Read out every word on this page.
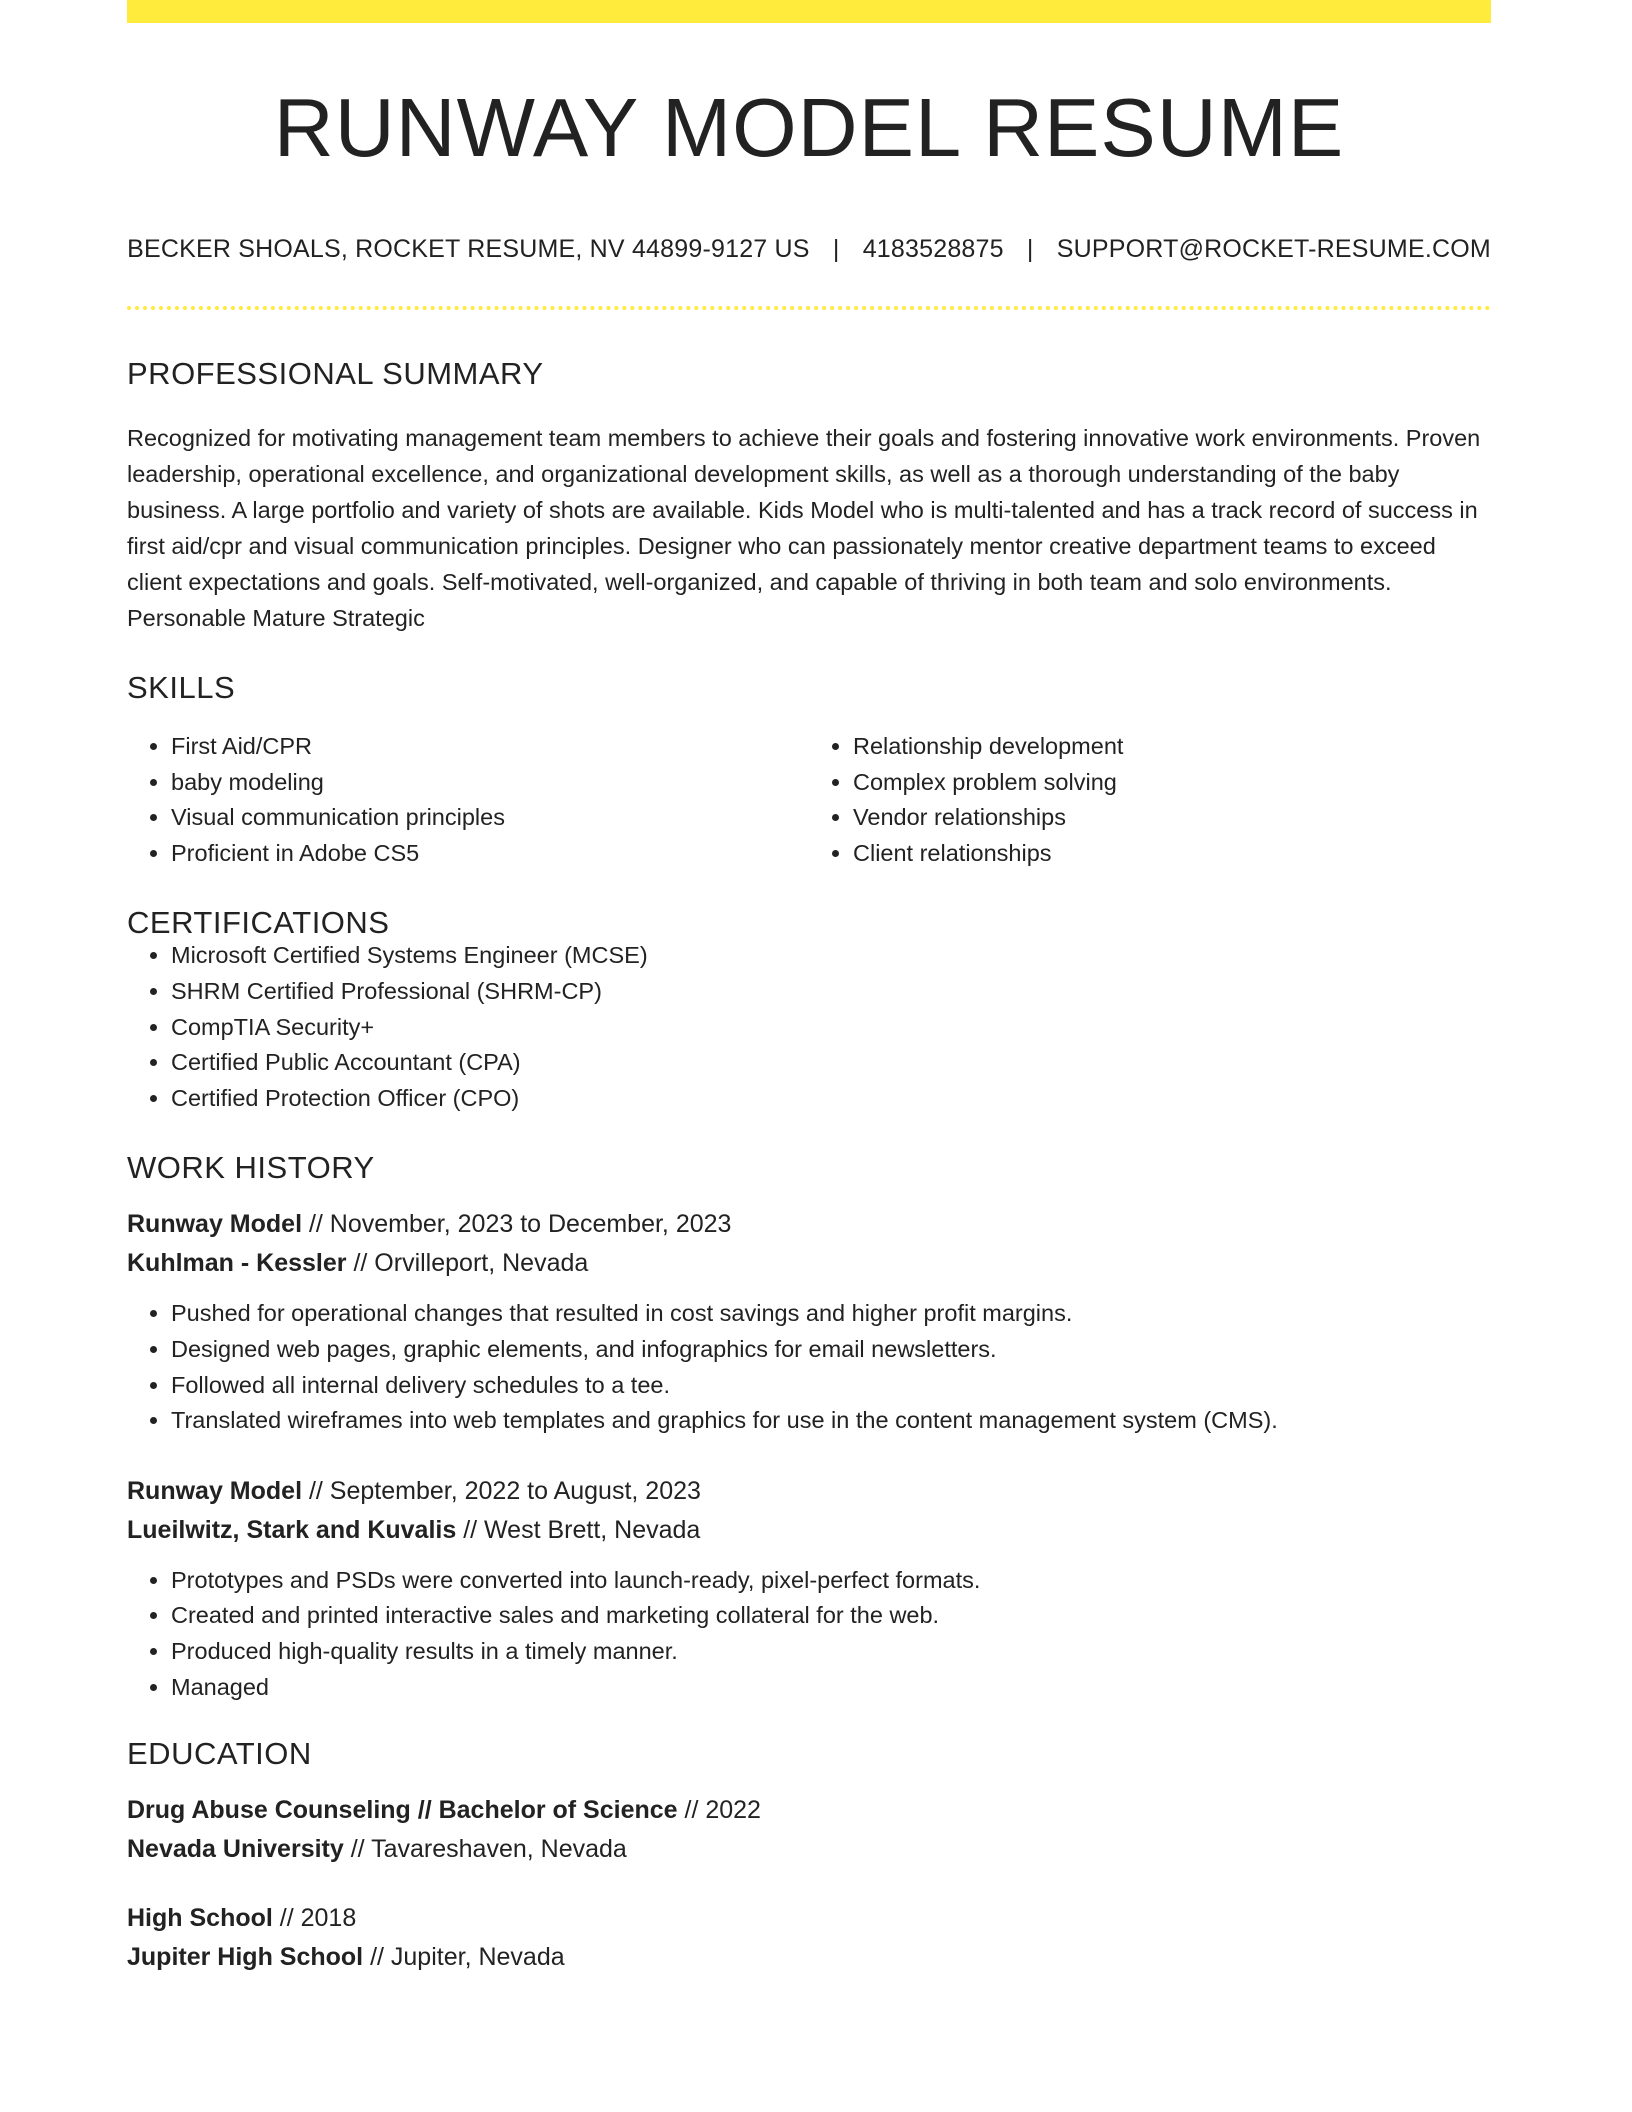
RUNWAY MODEL RESUME
BECKER SHOALS, ROCKET RESUME, NV 44899-9127 US | 4183528875 | SUPPORT@ROCKET-RESUME.COM
PROFESSIONAL SUMMARY

Recognized for motivating management team members to achieve their goals and fostering innovative work environments. Proven leadership, operational excellence, and organizational development skills, as well as a thorough understanding of the baby business. A large portfolio and variety of shots are available. Kids Model who is multi-talented and has a track record of success in first aid/cpr and visual communication principles. Designer who can passionately mentor creative department teams to exceed client expectations and goals. Self-motivated, well-organized, and capable of thriving in both team and solo environments. Personable Mature Strategic

SKILLS
• First Aid/CPR
• baby modeling
• Visual communication principles
• Proficient in Adobe CS5
• Relationship development
• Complex problem solving
• Vendor relationships
• Client relationships
CERTIFICATIONS
• Microsoft Certified Systems Engineer (MCSE)
• SHRM Certified Professional (SHRM-CP)
• CompTIA Security+
• Certified Public Accountant (CPA)
• Certified Protection Officer (CPO)
WORK HISTORY
Runway Model // November, 2023 to December, 2023
Kuhlman - Kessler // Orvilleport, Nevada
• Pushed for operational changes that resulted in cost savings and higher profit margins.
• Designed web pages, graphic elements, and infographics for email newsletters.
• Followed all internal delivery schedules to a tee.
• Translated wireframes into web templates and graphics for use in the content management system (CMS).
Runway Model // September, 2022 to August, 2023
Lueilwitz, Stark and Kuvalis // West Brett, Nevada
• Prototypes and PSDs were converted into launch-ready, pixel-perfect formats.
• Created and printed interactive sales and marketing collateral for the web.
• Produced high-quality results in a timely manner.
• Managed
EDUCATION
Drug Abuse Counseling // Bachelor of Science // 2022
Nevada University // Tavareshaven, Nevada
High School // 2018
Jupiter High School // Jupiter, Nevada
